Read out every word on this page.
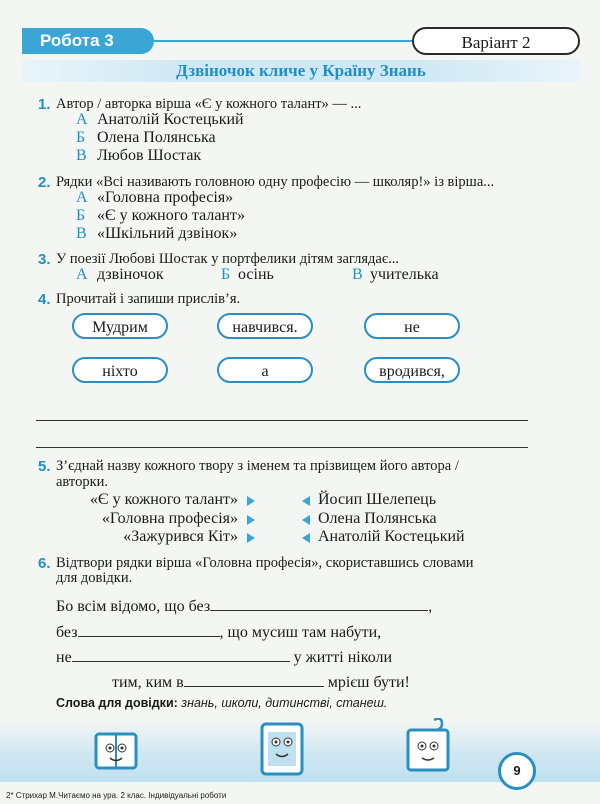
Робота 3	Варіант 2
Дзвіночок кличе у Країну Знань
1. Автор / авторка вірша «Є у кожного талант» — ...
А Анатолій Костецький
Б Олена Полянська
В Любов Шостак
2. Рядки «Всі називають головною одну професію — школяр!» із вірша...
А «Головна професія»
Б «Є у кожного талант»
В «Шкільний дзвінок»
3. У поезії Любові Шостак у портфелики дітям заглядає...
А дзвіночок	Б осінь	В учителька
4. Прочитай і запиши прислів’я.
Мудрим	навчився.	не
ніхто	а	вродився,
5. З’єднай назву кожного твору з іменем та прізвищем його автора /
авторки.
«Є у кожного талант»
«Головна професія»
«Зажурився Кіт»
Йосип Шелепець
Олена Полянська
Анатолій Костецький
6. Відтвори рядки вірша «Головна професія», скориставшись словами
для довідки.
Бо всім відомо, що без	,
без	, що мусиш там набути,
не	у житті ніколи
тим, ким в	мрієш бути!
Слова для довідки: знань, школи, дитинстві, станеш.
9
2* Стрихар М.Читаємо на ура. 2 клас. Індивідуальні роботи
